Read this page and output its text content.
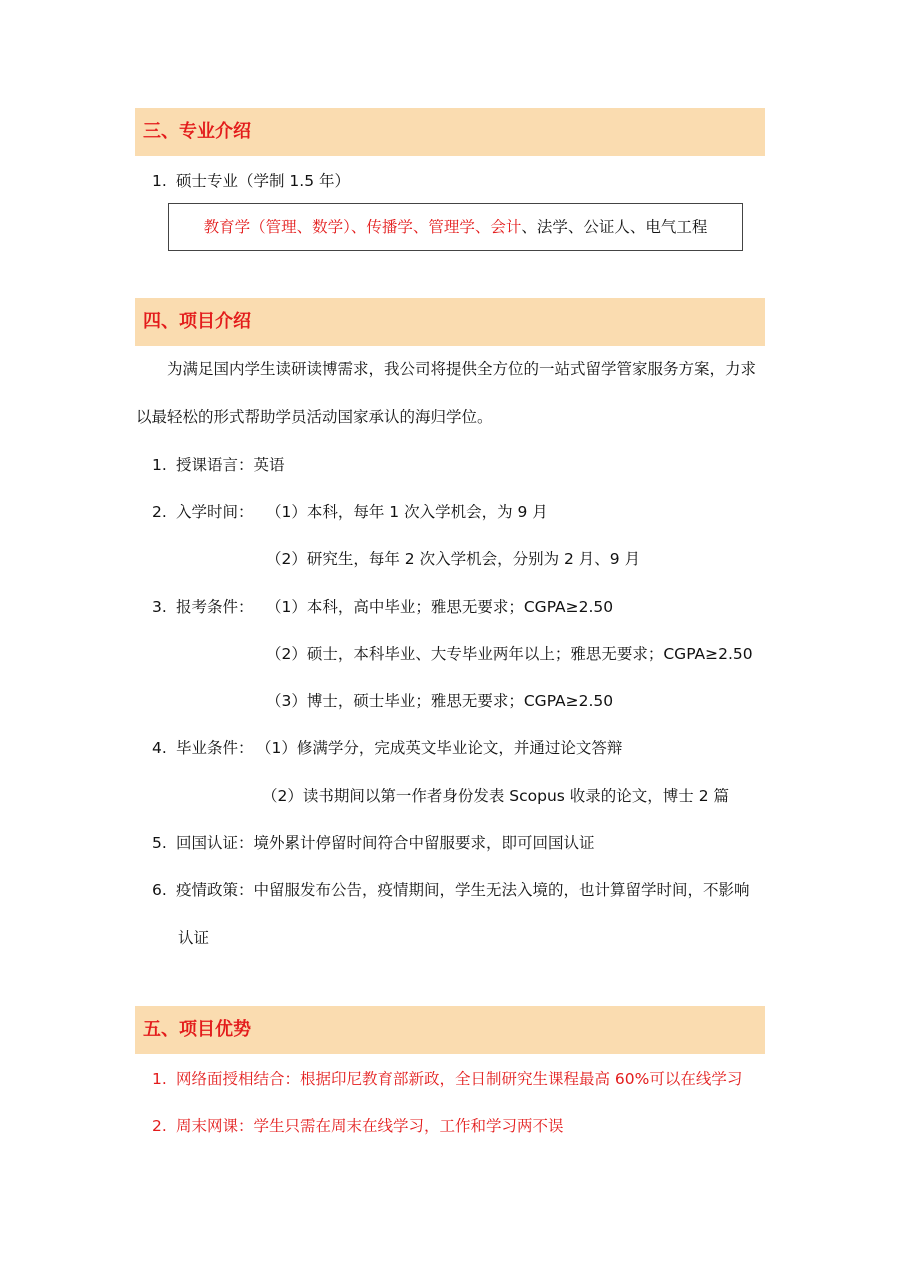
三、专业介绍
1. 硕士专业（学制 1.5 年）
教育学（管理、数学）、传播学、管理学、会计、法学、公证人、电气工程
四、项目介绍
为满足国内学生读研读博需求，我公司将提供全方位的一站式留学管家服务方案，力求
以最轻松的形式帮助学员活动国家承认的海归学位。
1. 授课语言：英语
2. 入学时间： （1）本科，每年 1 次入学机会，为 9 月
（2）研究生，每年 2 次入学机会，分别为 2 月、9 月
3. 报考条件： （1）本科，高中毕业；雅思无要求；CGPA≥2.50
（2）硕士，本科毕业、大专毕业两年以上；雅思无要求；CGPA≥2.50
（3）博士，硕士毕业；雅思无要求；CGPA≥2.50
4. 毕业条件： （1）修满学分，完成英文毕业论文，并通过论文答辩
（2）读书期间以第一作者身份发表 Scopus 收录的论文，博士 2 篇
5. 回国认证：境外累计停留时间符合中留服要求，即可回国认证
6. 疫情政策：中留服发布公告，疫情期间，学生无法入境的，也计算留学时间，不影响
认证
五、项目优势
1. 网络面授相结合：根据印尼教育部新政，全日制研究生课程最高 60%可以在线学习
2. 周末网课：学生只需在周末在线学习，工作和学习两不误
